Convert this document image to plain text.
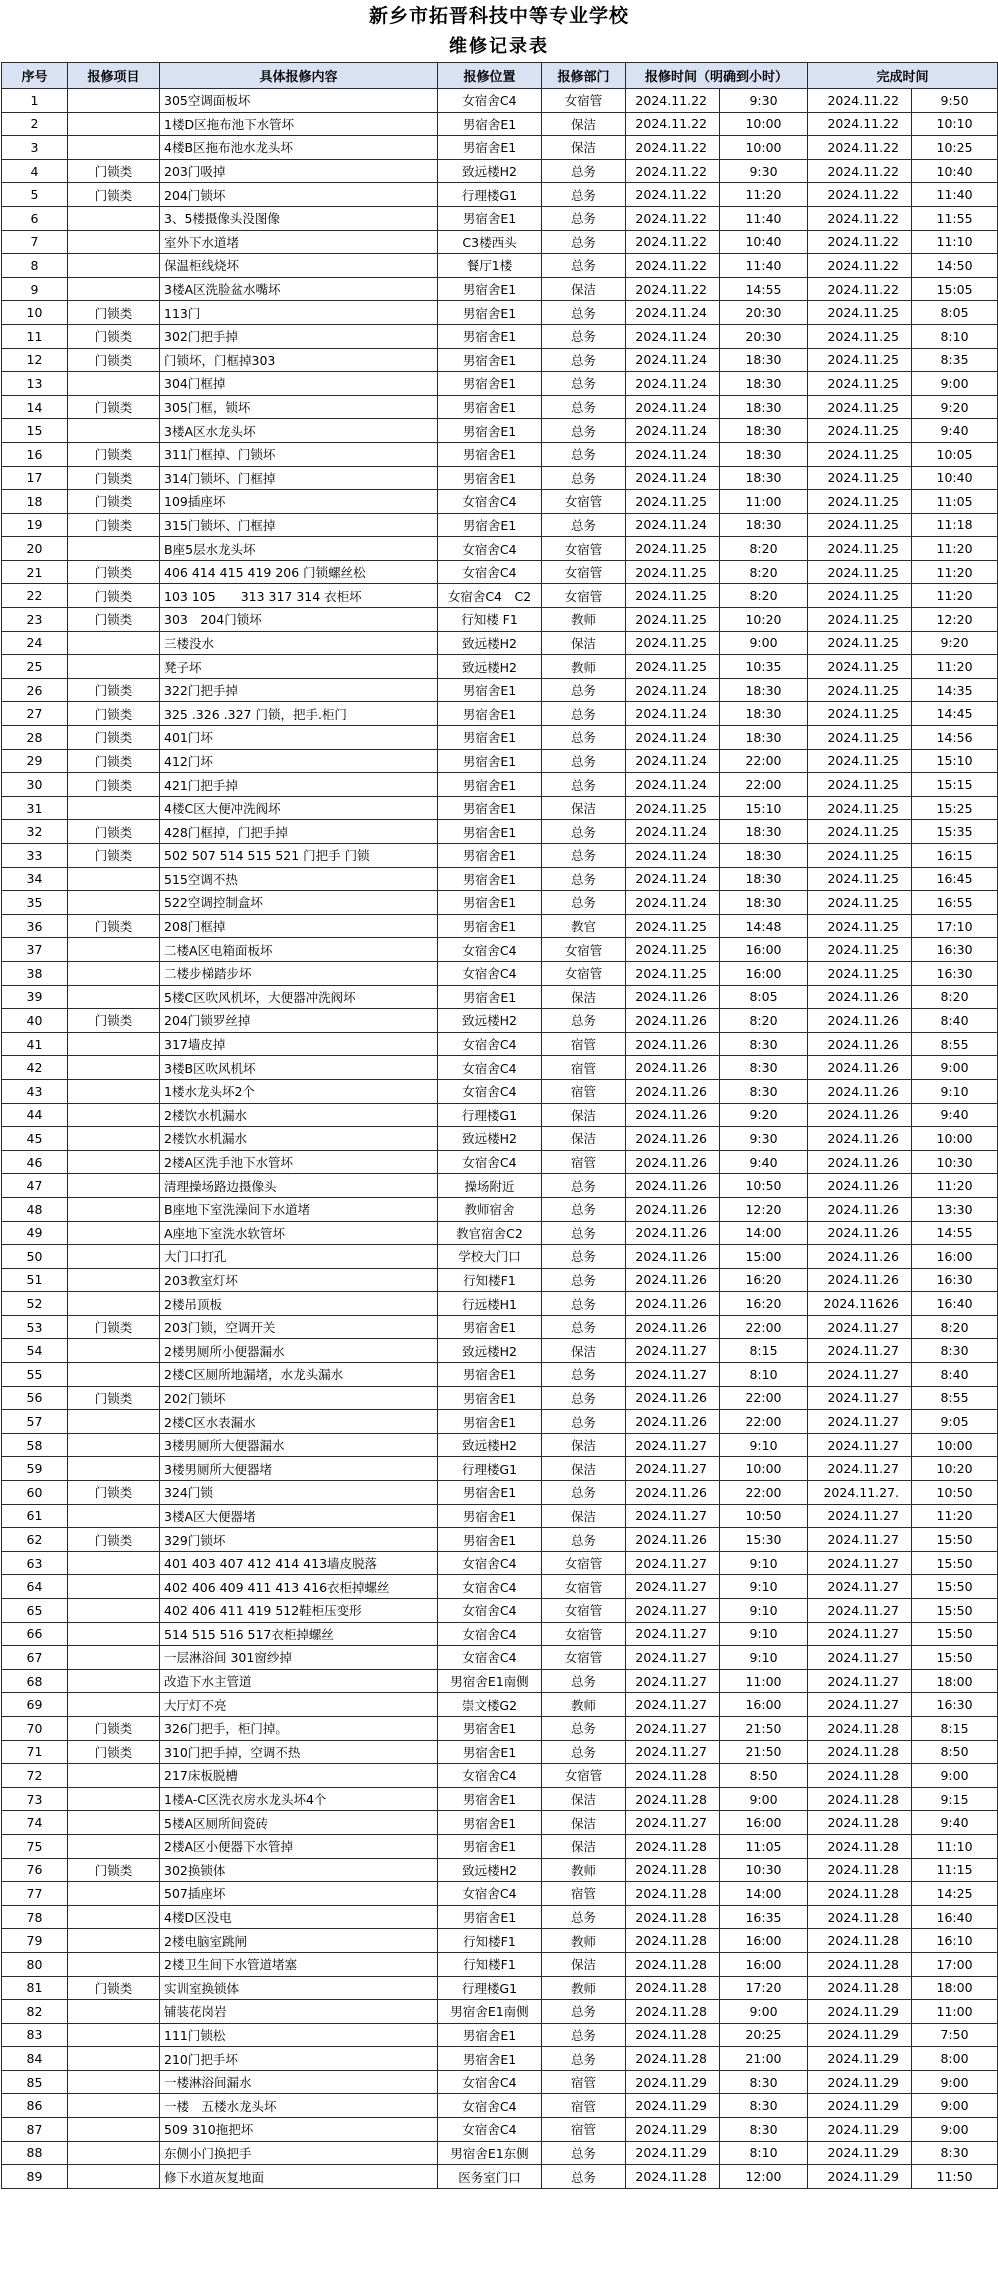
新乡市拓晋科技中等专业学校
维修记录表
序号	报修项目	具体报修内容	报修位置	报修部门	报修时间（明确到小时）		完成时间	
1		305空调面板坏	女宿舍C4	女宿管	2024.11.22	9:30	2024.11.22	9:50
2		1楼D区拖布池下水管坏	男宿舍E1	保洁	2024.11.22	10:00	2024.11.22	10:10
3		4楼B区拖布池水龙头坏	男宿舍E1	保洁	2024.11.22	10:00	2024.11.22	10:25
4	门锁类	203门吸掉	致远楼H2	总务	2024.11.22	9:30	2024.11.22	10:40
5	门锁类	204门锁坏	行理楼G1	总务	2024.11.22	11:20	2024.11.22	11:40
6		3、5楼摄像头没图像	男宿舍E1	总务	2024.11.22	11:40	2024.11.22	11:55
7		室外下水道堵	C3楼西头	总务	2024.11.22	10:40	2024.11.22	11:10
8		保温柜线烧坏	餐厅1楼	总务	2024.11.22	11:40	2024.11.22	14:50
9		3楼A区洗脸盆水嘴坏	男宿舍E1	保洁	2024.11.22	14:55	2024.11.22	15:05
10	门锁类	113门	男宿舍E1	总务	2024.11.24	20:30	2024.11.25	8:05
11	门锁类	302门把手掉	男宿舍E1	总务	2024.11.24	20:30	2024.11.25	8:10
12	门锁类	门锁坏，门框掉303	男宿舍E1	总务	2024.11.24	18:30	2024.11.25	8:35
13		304门框掉	男宿舍E1	总务	2024.11.24	18:30	2024.11.25	9:00
14	门锁类	305门框，锁坏	男宿舍E1	总务	2024.11.24	18:30	2024.11.25	9:20
15		3楼A区水龙头坏	男宿舍E1	总务	2024.11.24	18:30	2024.11.25	9:40
16	门锁类	311门框掉、门锁坏	男宿舍E1	总务	2024.11.24	18:30	2024.11.25	10:05
17	门锁类	314门锁坏、门框掉	男宿舍E1	总务	2024.11.24	18:30	2024.11.25	10:40
18	门锁类	109插座坏	女宿舍C4	女宿管	2024.11.25	11:00	2024.11.25	11:05
19	门锁类	315门锁坏、门框掉	男宿舍E1	总务	2024.11.24	18:30	2024.11.25	11:18
20		B座5层水龙头坏	女宿舍C4	女宿管	2024.11.25	8:20	2024.11.25	11:20
21	门锁类	406 414 415 419 206 门锁螺丝松	女宿舍C4	女宿管	2024.11.25	8:20	2024.11.25	11:20
22	门锁类	103 105　　313 317 314 衣柜坏	女宿舍C4　C2	女宿管	2024.11.25	8:20	2024.11.25	11:20
23	门锁类	303　204门锁坏	行知楼 F1	教师	2024.11.25	10:20	2024.11.25	12:20
24		三楼没水	致远楼H2	保洁	2024.11.25	9:00	2024.11.25	9:20
25		凳子坏	致远楼H2	教师	2024.11.25	10:35	2024.11.25	11:20
26	门锁类	322门把手掉	男宿舍E1	总务	2024.11.24	18:30	2024.11.25	14:35
27	门锁类	325 .326 .327 门锁，把手.柜门	男宿舍E1	总务	2024.11.24	18:30	2024.11.25	14:45
28	门锁类	401门坏	男宿舍E1	总务	2024.11.24	18:30	2024.11.25	14:56
29	门锁类	412门坏	男宿舍E1	总务	2024.11.24	22:00	2024.11.25	15:10
30	门锁类	421门把手掉	男宿舍E1	总务	2024.11.24	22:00	2024.11.25	15:15
31		4楼C区大便冲洗阀坏	男宿舍E1	保洁	2024.11.25	15:10	2024.11.25	15:25
32	门锁类	428门框掉，门把手掉	男宿舍E1	总务	2024.11.24	18:30	2024.11.25	15:35
33	门锁类	502 507 514 515 521 门把手 门锁	男宿舍E1	总务	2024.11.24	18:30	2024.11.25	16:15
34		515空调不热	男宿舍E1	总务	2024.11.24	18:30	2024.11.25	16:45
35		522空调控制盒坏	男宿舍E1	总务	2024.11.24	18:30	2024.11.25	16:55
36	门锁类	208门框掉	男宿舍E1	教官	2024.11.25	14:48	2024.11.25	17:10
37		二楼A区电箱面板坏	女宿舍C4	女宿管	2024.11.25	16:00	2024.11.25	16:30
38		二楼步梯踏步坏	女宿舍C4	女宿管	2024.11.25	16:00	2024.11.25	16:30
39		5楼C区吹风机坏，大便器冲洗阀坏	男宿舍E1	保洁	2024.11.26	8:05	2024.11.26	8:20
40	门锁类	204门锁罗丝掉	致远楼H2	总务	2024.11.26	8:20	2024.11.26	8:40
41		317墙皮掉	女宿舍C4	宿管	2024.11.26	8:30	2024.11.26	8:55
42		3楼B区吹风机坏	女宿舍C4	宿管	2024.11.26	8:30	2024.11.26	9:00
43		1楼水龙头坏2个	女宿舍C4	宿管	2024.11.26	8:30	2024.11.26	9:10
44		2楼饮水机漏水	行理楼G1	保洁	2024.11.26	9:20	2024.11.26	9:40
45		2楼饮水机漏水	致远楼H2	保洁	2024.11.26	9:30	2024.11.26	10:00
46		2楼A区洗手池下水管坏	女宿舍C4	宿管	2024.11.26	9:40	2024.11.26	10:30
47		清理操场路边摄像头	操场附近	总务	2024.11.26	10:50	2024.11.26	11:20
48		B座地下室洗澡间下水道堵	教师宿舍	总务	2024.11.26	12:20	2024.11.26	13:30
49		A座地下室洗水软管坏	教官宿舍C2	总务	2024.11.26	14:00	2024.11.26	14:55
50		大门口打孔	学校大门口	总务	2024.11.26	15:00	2024.11.26	16:00
51		203教室灯坏	行知楼F1	总务	2024.11.26	16:20	2024.11.26	16:30
52		2楼吊顶板	行远楼H1	总务	2024.11.26	16:20	2024.11626	16:40
53	门锁类	203门锁，空调开关	男宿舍E1	总务	2024.11.26	22:00	2024.11.27	8:20
54		2楼男厕所小便器漏水	致远楼H2	保洁	2024.11.27	8:15	2024.11.27	8:30
55		2楼C区厕所地漏堵，水龙头漏水	男宿舍E1	总务	2024.11.27	8:10	2024.11.27	8:40
56	门锁类	202门锁坏	男宿舍E1	总务	2024.11.26	22:00	2024.11.27	8:55
57		2楼C区水表漏水	男宿舍E1	总务	2024.11.26	22:00	2024.11.27	9:05
58		3楼男厕所大便器漏水	致远楼H2	保洁	2024.11.27	9:10	2024.11.27	10:00
59		3楼男厕所大便器堵	行理楼G1	保洁	2024.11.27	10:00	2024.11.27	10:20
60	门锁类	324门锁	男宿舍E1	总务	2024.11.26	22:00	2024.11.27.	10:50
61		3楼A区大便器堵	男宿舍E1	保洁	2024.11.27	10:50	2024.11.27	11:20
62	门锁类	329门锁坏	男宿舍E1	总务	2024.11.26	15:30	2024.11.27	15:50
63		401 403 407 412 414 413墙皮脱落	女宿舍C4	女宿管	2024.11.27	9:10	2024.11.27	15:50
64		402 406 409 411 413 416衣柜掉螺丝	女宿舍C4	女宿管	2024.11.27	9:10	2024.11.27	15:50
65		402 406 411 419 512鞋柜压变形	女宿舍C4	女宿管	2024.11.27	9:10	2024.11.27	15:50
66		514 515 516 517衣柜掉螺丝	女宿舍C4	女宿管	2024.11.27	9:10	2024.11.27	15:50
67		一层淋浴间 301窗纱掉	女宿舍C4	女宿管	2024.11.27	9:10	2024.11.27	15:50
68		改造下水主管道	男宿舍E1南侧	总务	2024.11.27	11:00	2024.11.27	18:00
69		大厅灯不亮	崇文楼G2	教师	2024.11.27	16:00	2024.11.27	16:30
70	门锁类	326门把手，柜门掉。	男宿舍E1	总务	2024.11.27	21:50	2024.11.28	8:15
71	门锁类	310门把手掉，空调不热	男宿舍E1	总务	2024.11.27	21:50	2024.11.28	8:50
72		217床板脱槽	女宿舍C4	女宿管	2024.11.28	8:50	2024.11.28	9:00
73		1楼A-C区洗衣房水龙头坏4个	男宿舍E1	保洁	2024.11.28	9:00	2024.11.28	9:15
74		5楼A区厕所间瓷砖	男宿舍E1	保洁	2024.11.27	16:00	2024.11.28	9:40
75		2楼A区小便器下水管掉	男宿舍E1	保洁	2024.11.28	11:05	2024.11.28	11:10
76	门锁类	302换锁体	致远楼H2	教师	2024.11.28	10:30	2024.11.28	11:15
77		507插座坏	女宿舍C4	宿管	2024.11.28	14:00	2024.11.28	14:25
78		4楼D区没电	男宿舍E1	总务	2024.11.28	16:35	2024.11.28	16:40
79		2楼电脑室跳闸	行知楼F1	教师	2024.11.28	16:00	2024.11.28	16:10
80		2楼卫生间下水管道堵塞	行知楼F1	保洁	2024.11.28	16:00	2024.11.28	17:00
81	门锁类	实训室换锁体	行理楼G1	教师	2024.11.28	17:20	2024.11.28	18:00
82		铺装花岗岩	男宿舍E1南侧	总务	2024.11.28	9:00	2024.11.29	11:00
83		111门锁松	男宿舍E1	总务	2024.11.28	20:25	2024.11.29	7:50
84		210门把手坏	男宿舍E1	总务	2024.11.28	21:00	2024.11.29	8:00
85		一楼淋浴间漏水	女宿舍C4	宿管	2024.11.29	8:30	2024.11.29	9:00
86		一楼　五楼水龙头坏	女宿舍C4	宿管	2024.11.29	8:30	2024.11.29	9:00
87		509 310拖把坏	女宿舍C4	宿管	2024.11.29	8:30	2024.11.29	9:00
88		东侧小门换把手	男宿舍E1东侧	总务	2024.11.29	8:10	2024.11.29	8:30
89		修下水道灰复地面	医务室门口	总务	2024.11.28	12:00	2024.11.29	11:50
